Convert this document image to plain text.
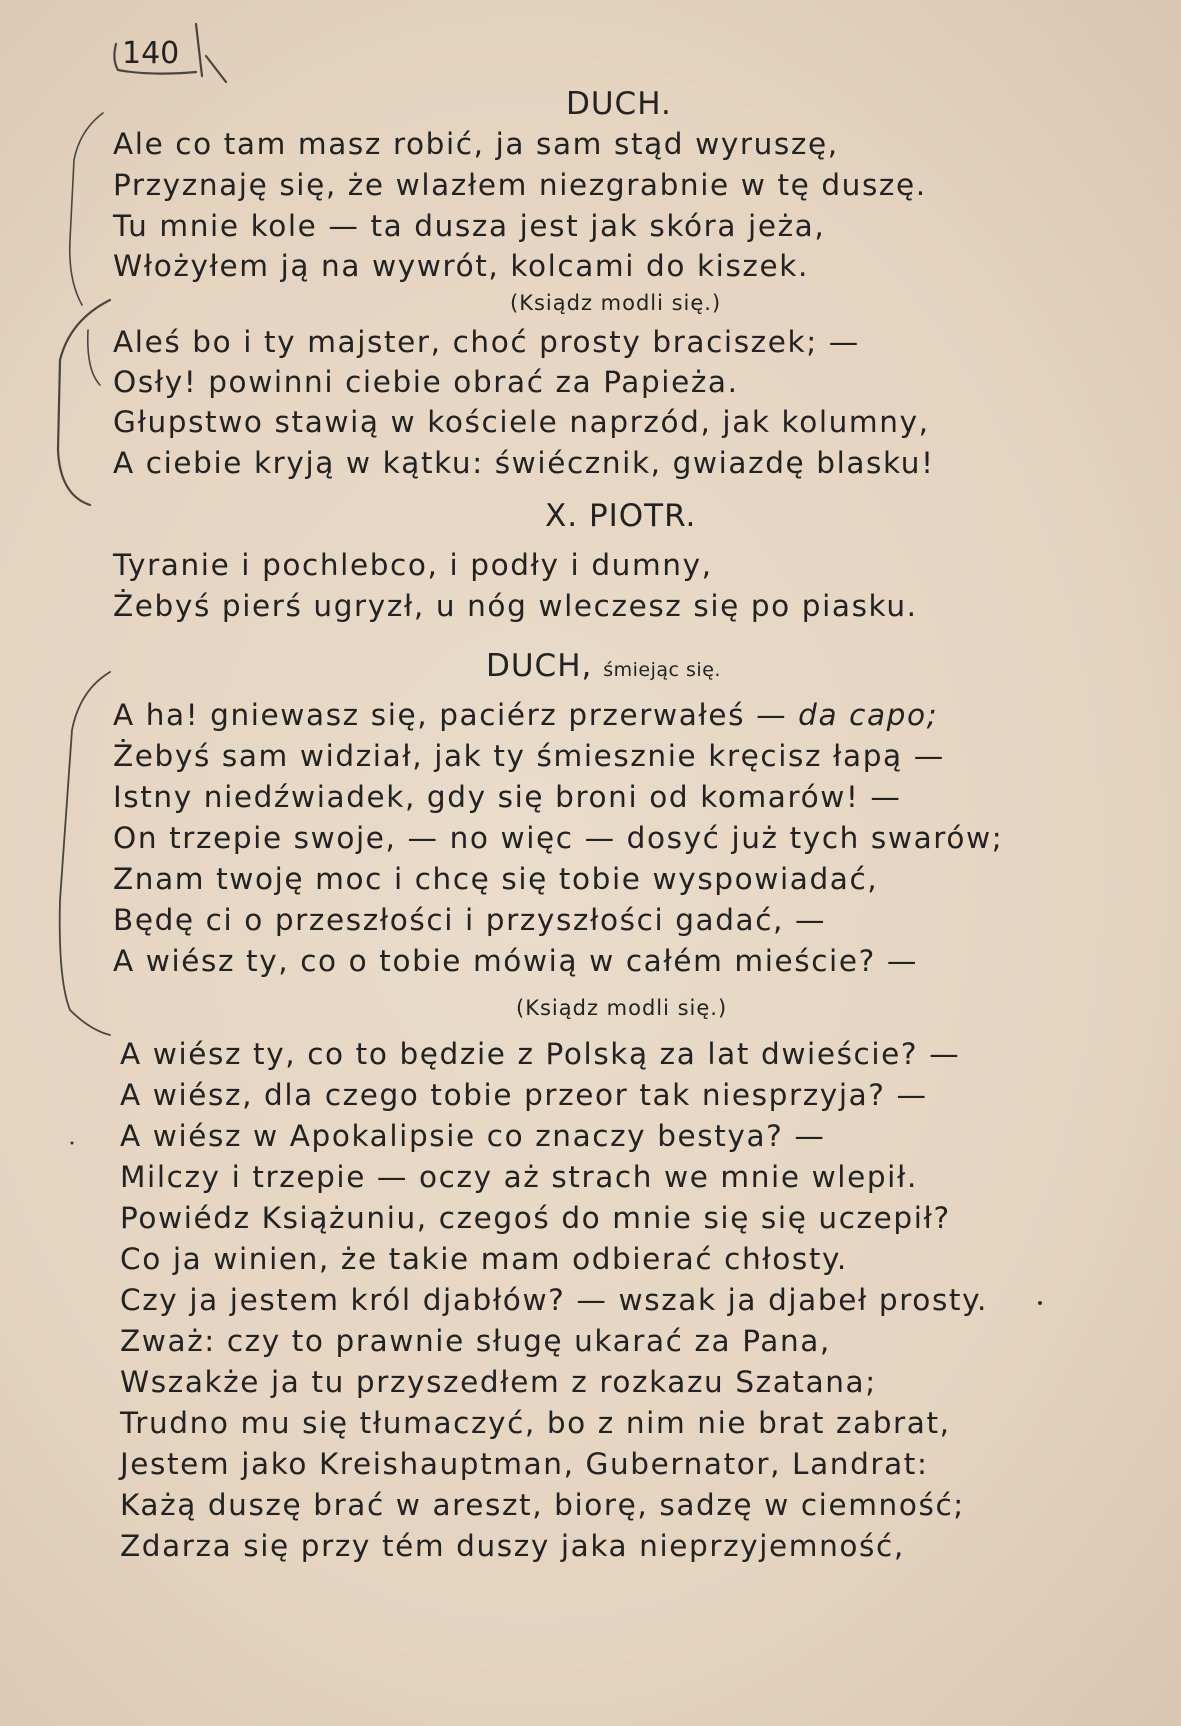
140
DUCH.
Ale co tam masz robić, ja sam stąd wyruszę,
Przyznaję się, że wlazłem niezgrabnie w tę duszę.
Tu mnie kole — ta dusza jest jak skóra jeża,
Włożyłem ją na wywrót, kolcami do kiszek.
(Ksiądz modli się.)
Aleś bo i ty majster, choć prosty braciszek; —
Osły! powinni ciebie obrać za Papieża.
Głupstwo stawią w kościele naprzód, jak kolumny,
A ciebie kryją w kątku: świécznik, gwiazdę blasku!
X. PIOTR.
Tyranie i pochlebco, i podły i dumny,
Żebyś pierś ugryzł, u nóg wleczesz się po piasku.
DUCH, śmiejąc się.
A ha! gniewasz się, paciérz przerwałeś — da capo;
Żebyś sam widział, jak ty śmiesznie kręcisz łapą —
Istny niedźwiadek, gdy się broni od komarów! —
On trzepie swoje, — no więc — dosyć już tych swarów;
Znam twoję moc i chcę się tobie wyspowiadać,
Będę ci o przeszłości i przyszłości gadać, —
A wiész ty, co o tobie mówią w całém mieście? —
(Ksiądz modli się.)
A wiész ty, co to będzie z Polską za lat dwieście? —
A wiész, dla czego tobie przeor tak niesprzyja? —
A wiész w Apokalipsie co znaczy bestya? —
Milczy i trzepie — oczy aż strach we mnie wlepił.
Powiédz Książuniu, czegoś do mnie się się uczepił?
Co ja winien, że takie mam odbierać chłosty.
Czy ja jestem król djabłów? — wszak ja djabeł prosty.
Zważ: czy to prawnie sługę ukarać za Pana,
Wszakże ja tu przyszedłem z rozkazu Szatana;
Trudno mu się tłumaczyć, bo z nim nie brat zabrat,
Jestem jako Kreishauptman, Gubernator, Landrat:
Każą duszę brać w areszt, biorę, sadzę w ciemność;
Zdarza się przy tém duszy jaka nieprzyjemność,
